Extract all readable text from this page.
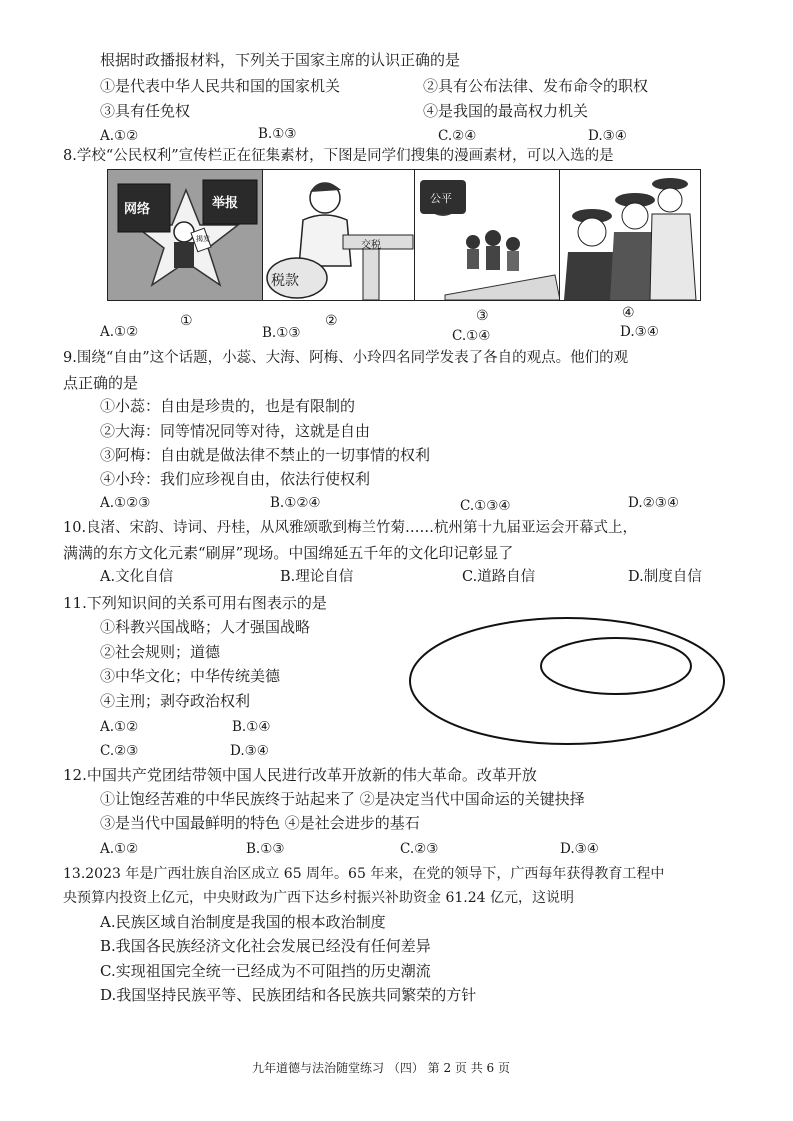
根据时政播报材料，下列关于国家主席的认识正确的是
①是代表中华人民共和国的国家机关	②具有公布法律、发布命令的职权
③具有任免权	④是我国的最高权力机关
A.①②	B.①③	C.②④	D.③④
8.学校“公民权利”宣传栏正在征集素材，下图是同学们搜集的漫画素材，可以入选的是
网络	举报
揭发
税款
交税
公平
①	②	③	④
A.①②	B.①③	C.①④	D.③④
9.围绕“自由”这个话题，小蕊、大海、阿梅、小玲四名同学发表了各自的观点。他们的观
点正确的是
①小蕊：自由是珍贵的，也是有限制的
②大海：同等情况同等对待，这就是自由
③阿梅：自由就是做法律不禁止的一切事情的权利
④小玲：我们应珍视自由，依法行使权利
A.①②③	B.①②④	C.①③④	D.②③④
10.良渚、宋韵、诗词、丹桂，从风雅颂歌到梅兰竹菊……杭州第十九届亚运会开幕式上，
满满的东方文化元素“刷屏”现场。中国绵延五千年的文化印记彰显了
A.文化自信	B.理论自信	C.道路自信	D.制度自信
11.下列知识间的关系可用右图表示的是
①科教兴国战略；人才强国战略
②社会规则；道德
③中华文化；中华传统美德
④主刑；剥夺政治权利
A.①②	B.①④
C.②③	D.③④
12.中国共产党团结带领中国人民进行改革开放新的伟大革命。改革开放
①让饱经苦难的中华民族终于站起来了 ②是决定当代中国命运的关键抉择
③是当代中国最鲜明的特色 ④是社会进步的基石
A.①②	B.①③	C.②③	D.③④
13.2023 年是广西壮族自治区成立 65 周年。65 年来，在党的领导下，广西每年获得教育工程中
央预算内投资上亿元，中央财政为广西下达乡村振兴补助资金 61.24 亿元，这说明
A.民族区域自治制度是我国的根本政治制度
B.我国各民族经济文化社会发展已经没有任何差异
C.实现祖国完全统一已经成为不可阻挡的历史潮流
D.我国坚持民族平等、民族团结和各民族共同繁荣的方针
九年道德与法治随堂练习 （四） 第 2 页 共 6 页
